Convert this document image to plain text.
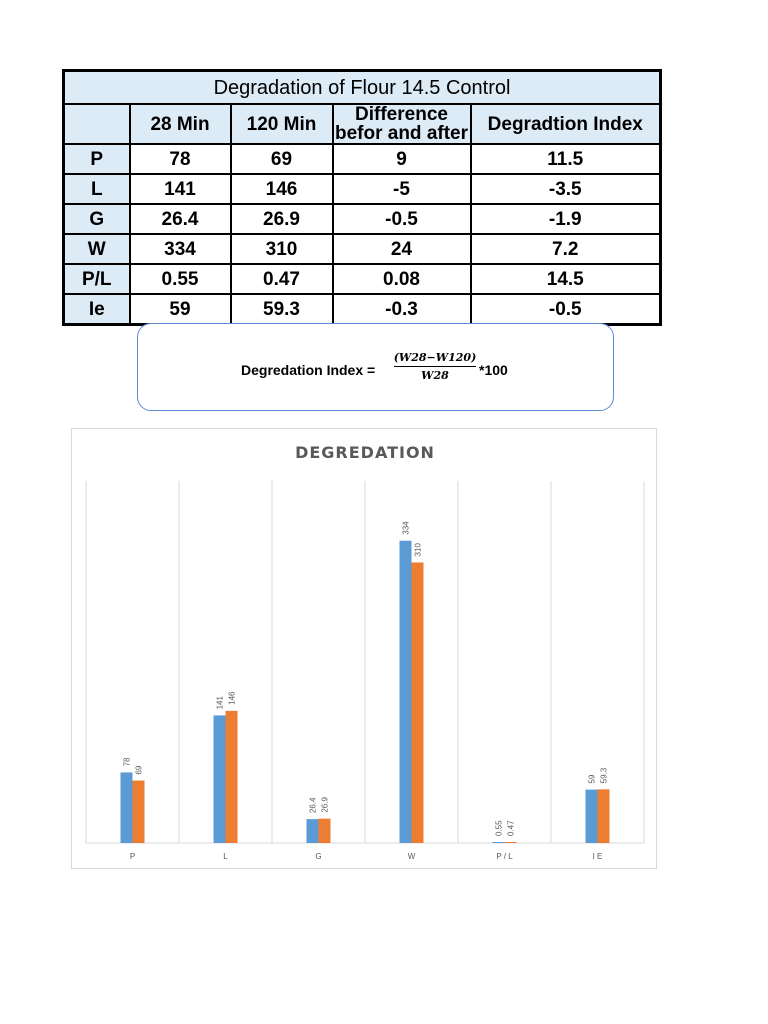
Degradation of Flour 14.5 Control				
	28 Min	120 Min	Difference befor and after	Degradtion Index
P	78	69	9	11.5
L	141	146	-5	-3.5
G	26.4	26.9	-0.5	-1.9
W	334	310	24	7.2
P/L	0.55	0.47	0.08	14.5
Ie	59	59.3	-0.3	-0.5
Degredation Index =
(W28−W120)
W28	*100
DEGREDATION
78
69
141 146
26.4 26.9
334
310
0.55 0.47
59 59.3
P	L	G	W	P / L	I E
